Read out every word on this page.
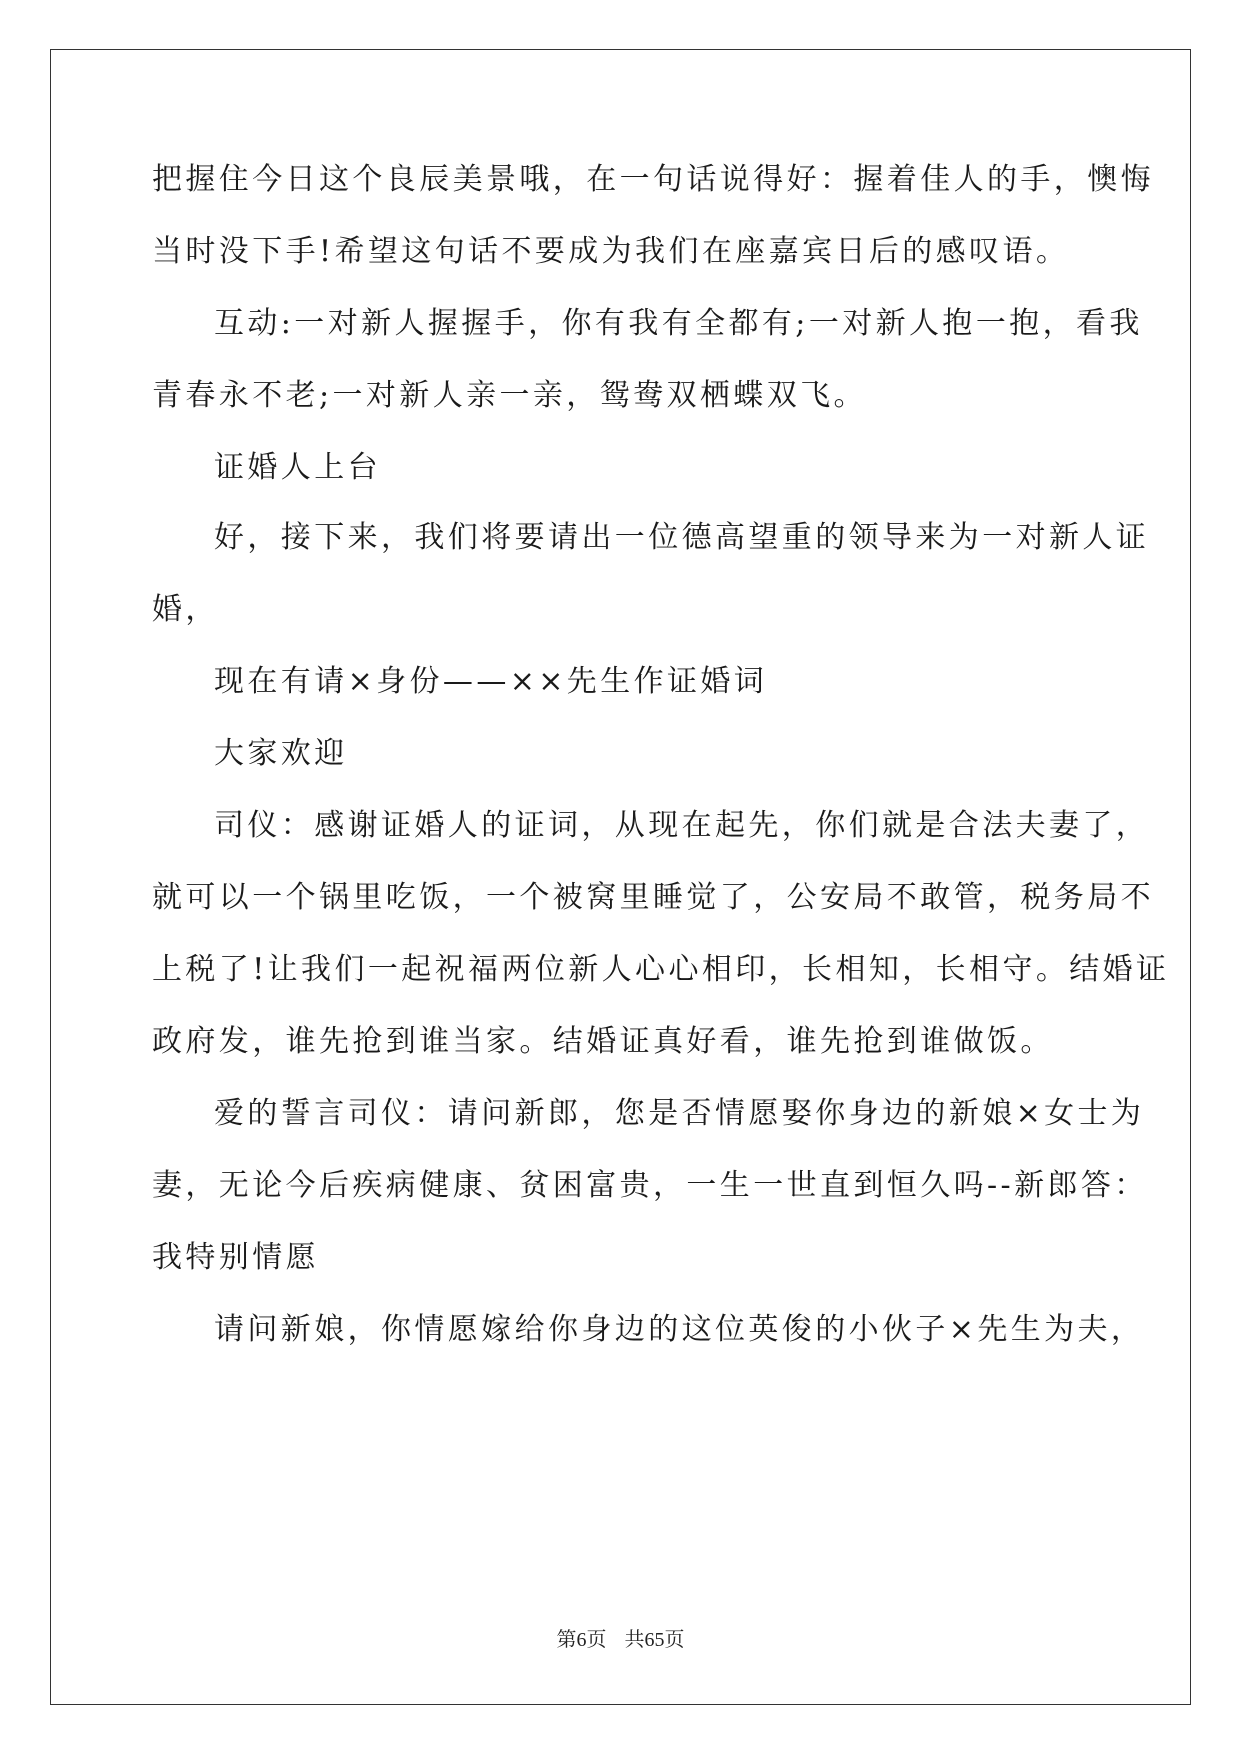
把握住今日这个良辰美景哦，在一句话说得好：握着佳人的手，懊悔
当时没下手!希望这句话不要成为我们在座嘉宾日后的感叹语。
互动:一对新人握握手，你有我有全都有;一对新人抱一抱，看我
青春永不老;一对新人亲一亲，鸳鸯双栖蝶双飞。
证婚人上台
好，接下来，我们将要请出一位德高望重的领导来为一对新人证
婚，
现在有请×身份——××先生作证婚词
大家欢迎
司仪：感谢证婚人的证词，从现在起先，你们就是合法夫妻了，
就可以一个锅里吃饭，一个被窝里睡觉了，公安局不敢管，税务局不
上税了!让我们一起祝福两位新人心心相印，长相知，长相守。结婚证
政府发，谁先抢到谁当家。结婚证真好看，谁先抢到谁做饭。
爱的誓言司仪：请问新郎，您是否情愿娶你身边的新娘×女士为
妻，无论今后疾病健康、贫困富贵，一生一世直到恒久吗--新郎答：
我特别情愿
请问新娘，你情愿嫁给你身边的这位英俊的小伙子×先生为夫，
第6页 共65页
